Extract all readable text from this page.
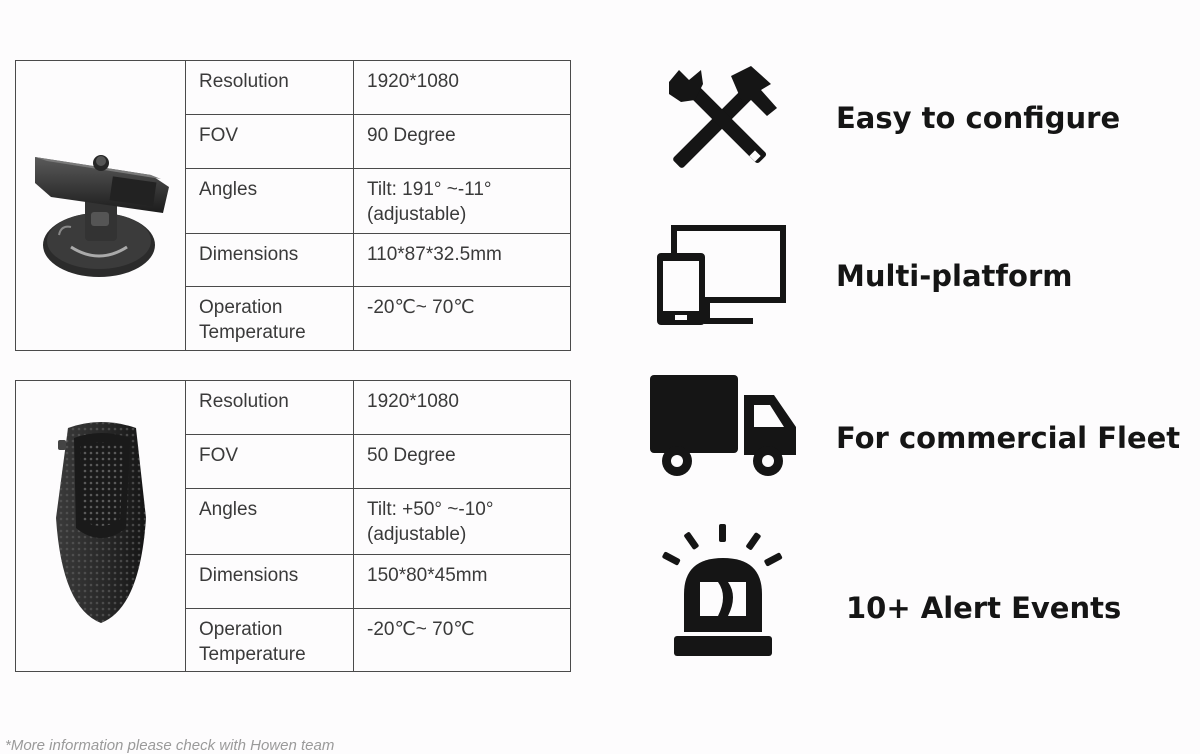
	Resolution	1920*1080
	FOV	90 Degree
	Angles	Tilt: 191° ~-11°
(adjustable)
	Dimensions	110*87*32.5mm
	Operation
Temperature	-20℃~ 70℃
	Resolution	1920*1080
	FOV	50 Degree
	Angles	Tilt: +50° ~-10°
(adjustable)
	Dimensions	150*80*45mm
	Operation
Temperature	-20℃~ 70℃
Easy to configure
Multi-platform
For commercial Fleet
10+ Alert Events
*More information please check with Howen team
